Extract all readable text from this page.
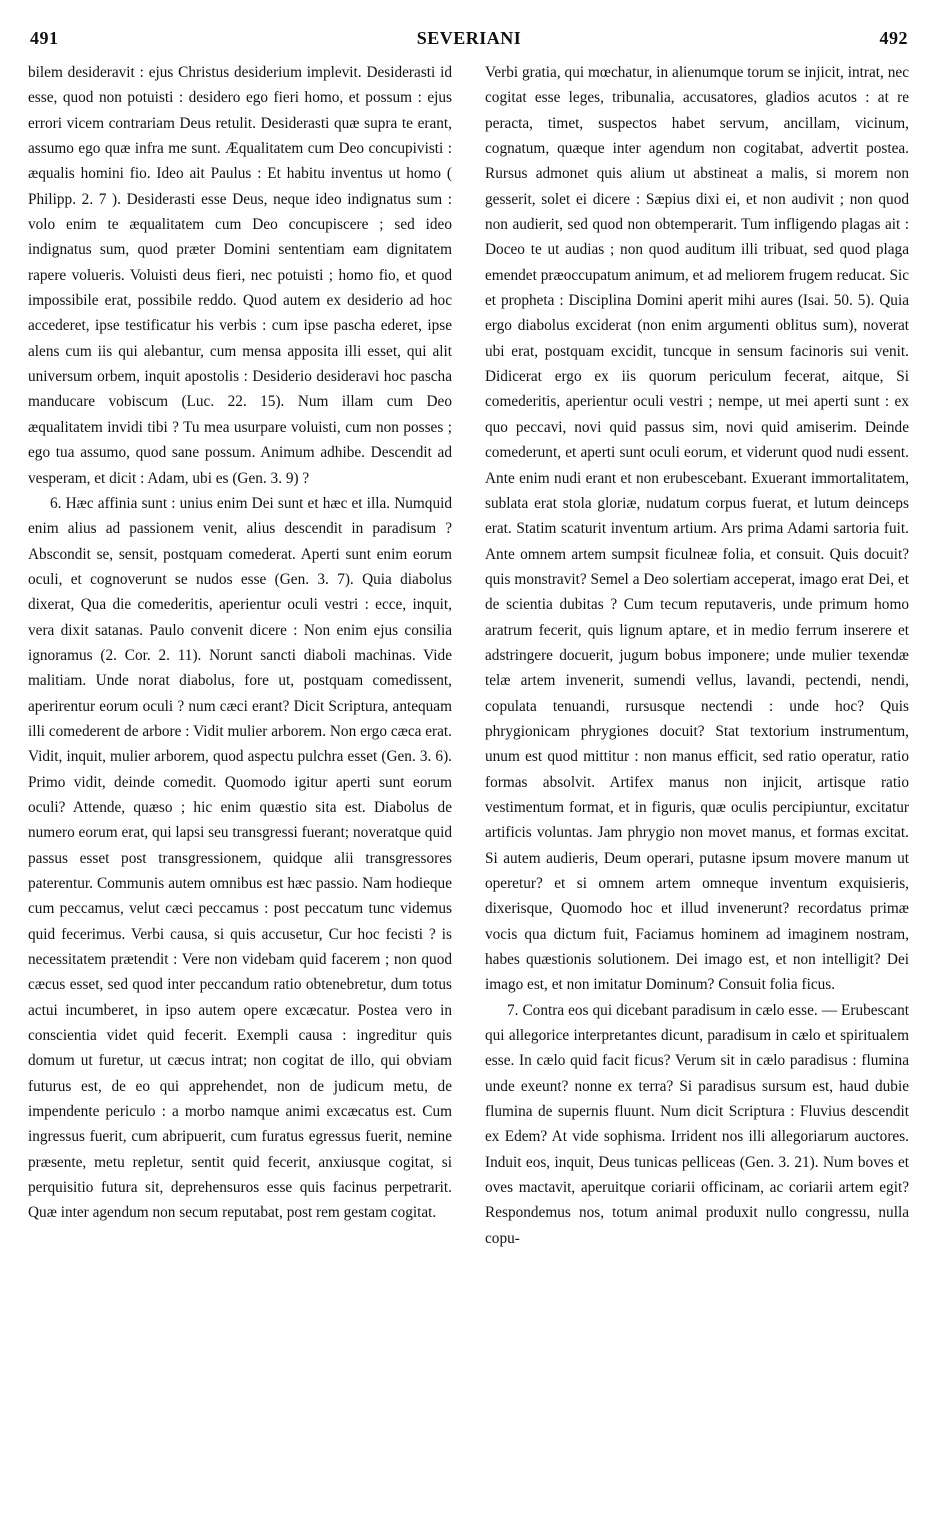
491	SEVERIANI	492

bilem desideravit : ejus Christus desiderium implevit. Desiderasti id esse, quod non potuisti : desidero ego fieri homo, et possum : ejus errori vicem contrariam Deus retulit. Desiderasti quæ supra te erant, assumo ego quæ infra me sunt. Æqualitatem cum Deo concupivisti : æqualis homini fio. Ideo ait Paulus : Et habitu inventus ut homo ( Philipp. 2. 7 ). Desiderasti esse Deus, neque ideo indignatus sum : volo enim te æqualitatem cum Deo concupiscere ; sed ideo indignatus sum, quod præter Domini sententiam eam dignitatem rapere volueris. Voluisti deus fieri, nec potuisti ; homo fio, et quod impossibile erat, possibile reddo. Quod autem ex desiderio ad hoc accederet, ipse testificatur his verbis : cum ipse pascha ederet, ipse alens cum iis qui alebantur, cum mensa apposita illi esset, qui alit universum orbem, inquit apostolis : Desiderio desideravi hoc pascha manducare vobiscum (Luc. 22. 15). Num illam cum Deo æqualitatem invidi tibi ? Tu mea usurpare voluisti, cum non posses ; ego tua assumo, quod sane possum. Animum adhibe. Descendit ad vesperam, et dicit : Adam, ubi es (Gen. 3. 9) ?

6. Hæc affinia sunt : unius enim Dei sunt et hæc et illa. Numquid enim alius ad passionem venit, alius descendit in paradisum ? Abscondit se, sensit, postquam comederat. Aperti sunt enim eorum oculi, et cognoverunt se nudos esse (Gen. 3. 7). Quia diabolus dixerat, Qua die comederitis, aperientur oculi vestri : ecce, inquit, vera dixit satanas. Paulo convenit dicere : Non enim ejus consilia ignoramus (2. Cor. 2. 11). Norunt sancti diaboli machinas. Vide malitiam. Unde norat diabolus, fore ut, postquam comedissent, aperirentur eorum oculi ? num cæci erant? Dicit Scriptura, antequam illi comederent de arbore : Vidit mulier arborem. Non ergo cæca erat. Vidit, inquit, mulier arborem, quod aspectu pulchra esset (Gen. 3. 6). Primo vidit, deinde comedit. Quomodo igitur aperti sunt eorum oculi? Attende, quæso ; hic enim quæstio sita est. Diabolus de numero eorum erat, qui lapsi seu transgressi fuerant; noveratque quid passus esset post transgressionem, quidque alii transgressores paterentur. Communis autem omnibus est hæc passio. Nam hodieque cum peccamus, velut cæci peccamus : post peccatum tunc videmus quid fecerimus. Verbi causa, si quis accusetur, Cur hoc fecisti ? is necessitatem prætendit : Vere non videbam quid facerem ; non quod cæcus esset, sed quod inter peccandum ratio obtenebretur, dum totus actui incumberet, in ipso autem opere excæcatur. Postea vero in conscientia videt quid fecerit. Exempli causa : ingreditur quis domum ut furetur, ut cæcus intrat; non cogitat de illo, qui obviam futurus est, de eo qui apprehendet, non de judicum metu, de impendente periculo : a morbo namque animi excæcatus est. Cum ingressus fuerit, cum abripuerit, cum furatus egressus fuerit, nemine præsente, metu repletur, sentit quid fecerit, anxiusque cogitat, si perquisitio futura sit, deprehensuros esse quis facinus perpetrarit. Quæ inter agendum non secum reputabat, post rem gestam cogitat.

Verbi gratia, qui mœchatur, in alienumque torum se injicit, intrat, nec cogitat esse leges, tribunalia, accusatores, gladios acutos : at re peracta, timet, suspectos habet servum, ancillam, vicinum, cognatum, quæque inter agendum non cogitabat, advertit postea. Rursus admonet quis alium ut abstineat a malis, si morem non gesserit, solet ei dicere : Sæpius dixi ei, et non audivit ; non quod non audierit, sed quod non obtemperarit. Tum infligendo plagas ait : Doceo te ut audias ; non quod auditum illi tribuat, sed quod plaga emendet præoccupatum animum, et ad meliorem frugem reducat. Sic et propheta : Disciplina Domini aperit mihi aures (Isai. 50. 5). Quia ergo diabolus exciderat (non enim argumenti oblitus sum), noverat ubi erat, postquam excidit, tuncque in sensum facinoris sui venit. Didicerat ergo ex iis quorum periculum fecerat, aitque, Si comederitis, aperientur oculi vestri ; nempe, ut mei aperti sunt : ex quo peccavi, novi quid passus sim, novi quid amiserim. Deinde comederunt, et aperti sunt oculi eorum, et viderunt quod nudi essent. Ante enim nudi erant et non erubescebant. Exuerant immortalitatem, sublata erat stola gloriæ, nudatum corpus fuerat, et lutum deinceps erat. Statim scaturit inventum artium. Ars prima Adami sartoria fuit. Ante omnem artem sumpsit ficulneæ folia, et consuit. Quis docuit? quis monstravit? Semel a Deo solertiam acceperat, imago erat Dei, et de scientia dubitas ? Cum tecum reputaveris, unde primum homo aratrum fecerit, quis lignum aptare, et in medio ferrum inserere et adstringere docuerit, jugum bobus imponere; unde mulier texendæ telæ artem invenerit, sumendi vellus, lavandi, pectendi, nendi, copulata tenuandi, rursusque nectendi : unde hoc? Quis phrygionicam phrygiones docuit? Stat textorium instrumentum, unum est quod mittitur : non manus efficit, sed ratio operatur, ratio formas absolvit. Artifex manus non injicit, artisque ratio vestimentum format, et in figuris, quæ oculis percipiuntur, excitatur artificis voluntas. Jam phrygio non movet manus, et formas excitat. Si autem audieris, Deum operari, putasne ipsum movere manum ut operetur? et si omnem artem omneque inventum exquisieris, dixerisque, Quomodo hoc et illud invenerunt? recordatus primæ vocis qua dictum fuit, Faciamus hominem ad imaginem nostram, habes quæstionis solutionem. Dei imago est, et non intelligit? Dei imago est, et non imitatur Dominum? Consuit folia ficus.

7. Contra eos qui dicebant paradisum in cælo esse. — Erubescant qui allegorice interpretantes dicunt, paradisum in cælo et spiritualem esse. In cælo quid facit ficus? Verum sit in cælo paradisus : flumina unde exeunt? nonne ex terra? Si paradisus sursum est, haud dubie flumina de supernis fluunt. Num dicit Scriptura : Fluvius descendit ex Edem? At vide sophisma. Irrident nos illi allegoriarum auctores. Induit eos, inquit, Deus tunicas pelliceas (Gen. 3. 21). Num boves et oves mactavit, aperuitque coriarii officinam, ac coriarii artem egit? Respondemus nos, totum animal produxit nullo congressu, nulla copu-
